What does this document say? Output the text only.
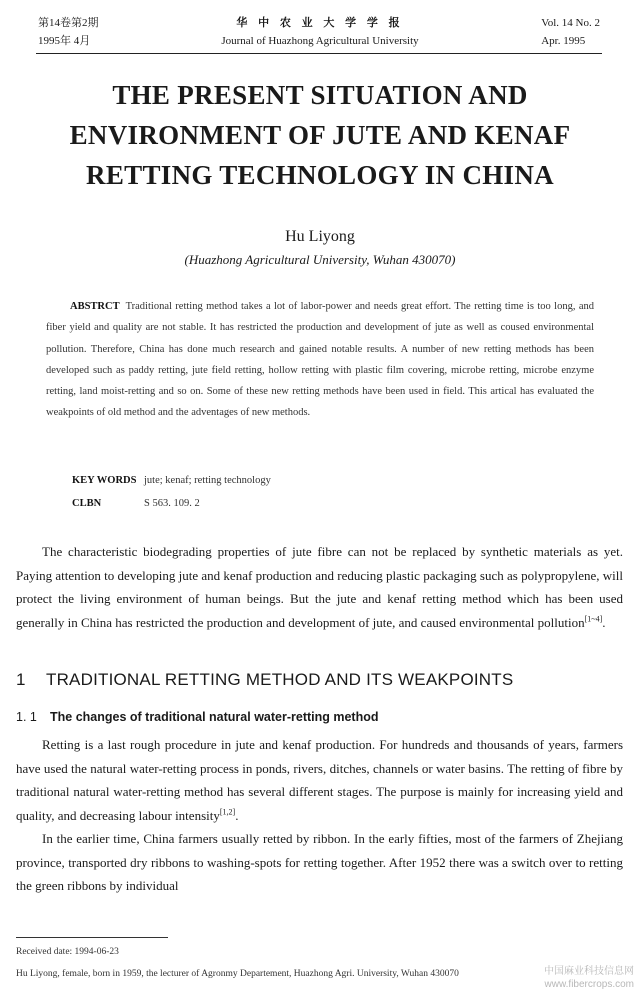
第14卷第2期
1995年 4月
华 中 农 业 大 学 学 报
Journal of Huazhong Agricultural University
Vol. 14 No. 2
Apr. 1995
THE PRESENT SITUATION AND
ENVIRONMENT OF JUTE AND KENAF
RETTING TECHNOLOGY IN CHINA
Hu Liyong
(Huazhong Agricultural University, Wuhan 430070)
ABSTRCT Traditional retting method takes a lot of labor-power and needs great effort. The retting time is too long, and fiber yield and quality are not stable. It has restricted the production and development of jute as well as coused environmental pollution. Therefore, China has done much research and gained notable results. A number of new retting methods has been developed such as paddy retting, jute field retting, hollow retting with plastic film covering, microbe retting, microbe enzyme retting, land moist-retting and so on. Some of these new retting methods have been used in field. This artical has evaluated the weakpoints of old method and the adventages of new methods.
KEY WORDS jute; kenaf; retting technology
CLBN	S 563. 109. 2

The characteristic biodegrading properties of jute fibre can not be replaced by synthetic materials as yet. Paying attention to developing jute and kenaf production and reducing plastic packaging such as polypropylene, will protect the living environment of human beings. But the jute and kenaf retting method which has been used generally in China has restricted the production and development of jute, and caused environmental pollution[1~4].

1 TRADITIONAL RETTING METHOD AND ITS WEAKPOINTS
1. 1 The changes of traditional natural water-retting method

Retting is a last rough procedure in jute and kenaf production. For hundreds and thousands of years, farmers have used the natural water-retting process in ponds, rivers, ditches, channels or water basins. The retting of fibre by traditional natural water-retting method has several different stages. The purpose is mainly for increasing yield and quality, and decreasing labour intensity[1,2].

In the earlier time, China farmers usually retted by ribbon. In the early fifties, most of the farmers of Zhejiang province, transported dry ribbons to washing-spots for retting together. After 1952 there was a switch over to retting the green ribbons by individual

Received date: 1994-06-23
Hu Liyong, female, born in 1959, the lecturer of Agronmy Departement, Huazhong Agri. University, Wuhan 430070	中国麻业科技信息网
www.fibercrops.com
